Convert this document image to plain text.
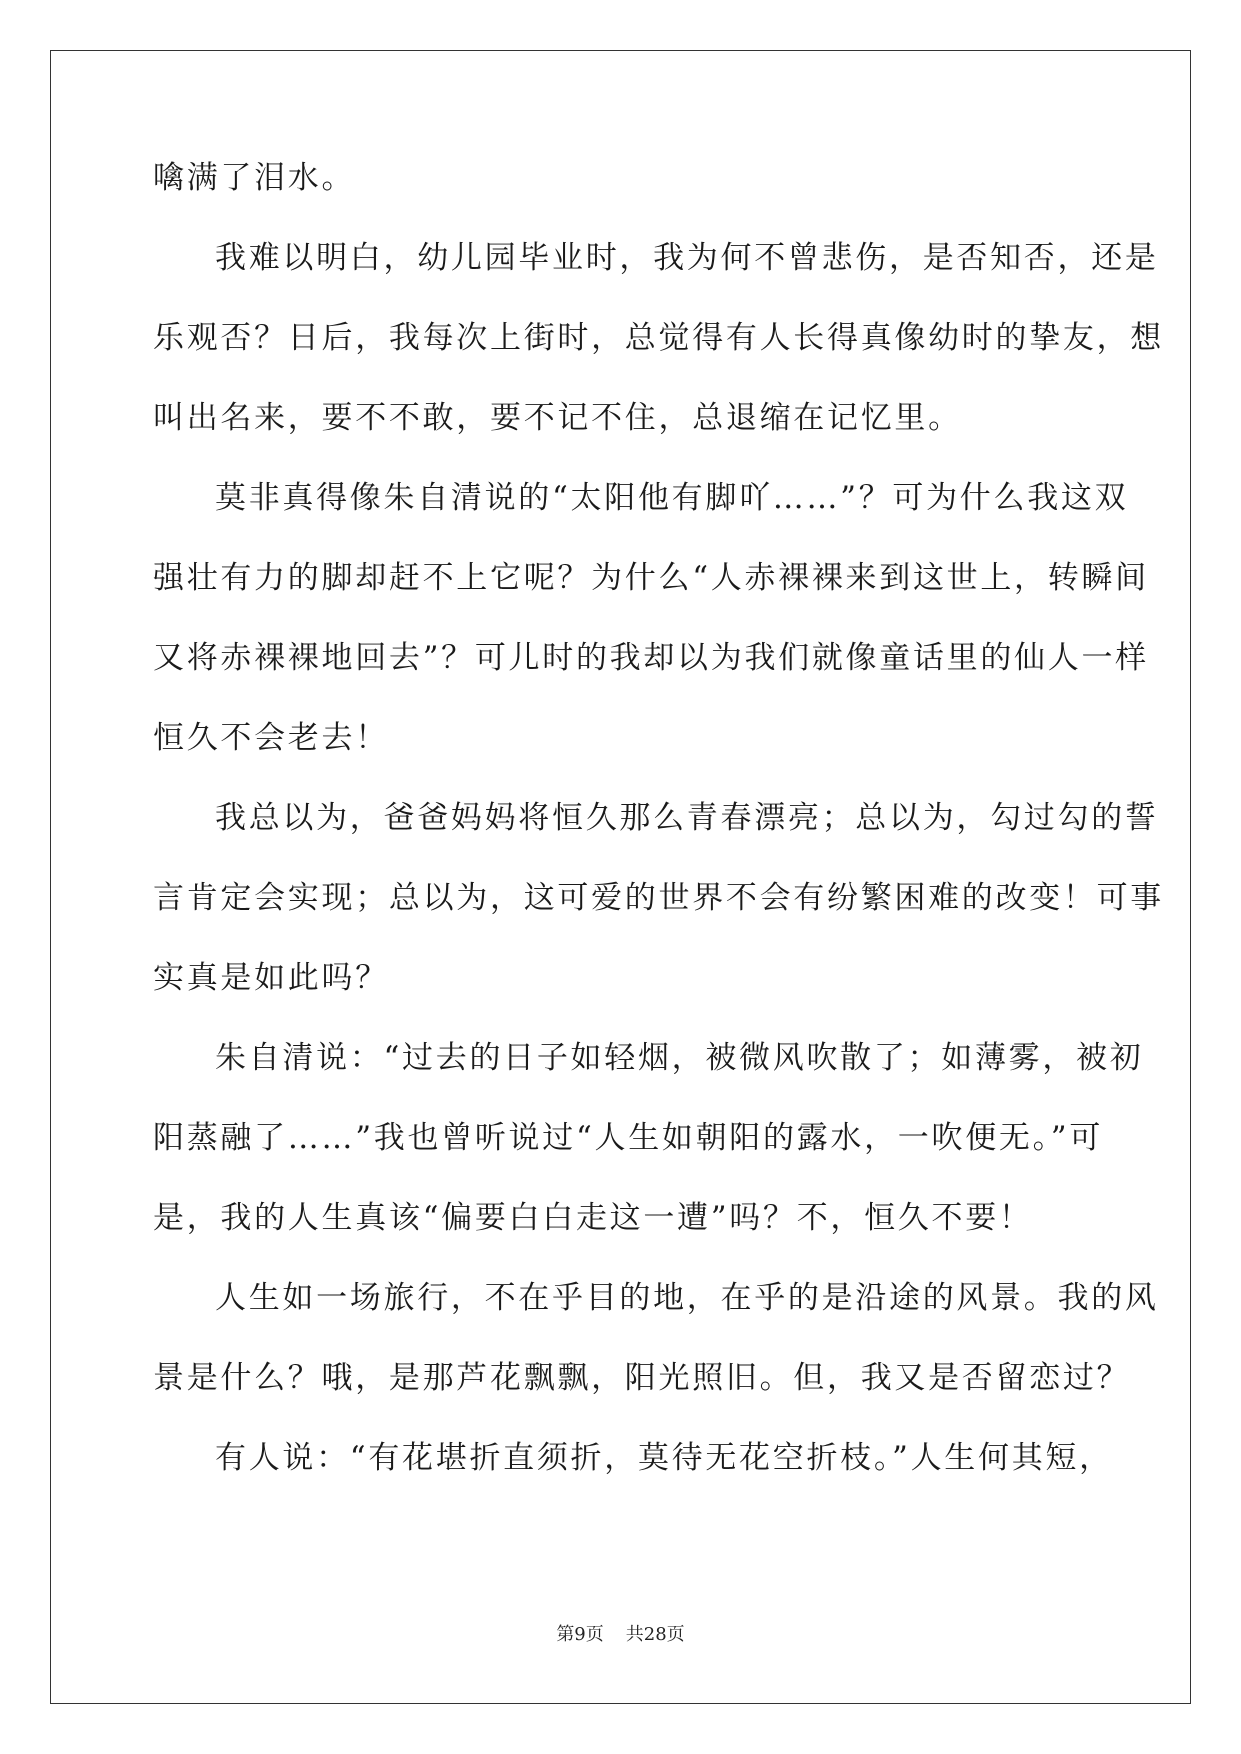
噙满了泪水。
我难以明白，幼儿园毕业时，我为何不曾悲伤，是否知否，还是
乐观否？日后，我每次上街时，总觉得有人长得真像幼时的挚友，想
叫出名来，要不不敢，要不记不住，总退缩在记忆里。
莫非真得像朱自清说的“太阳他有脚吖……”？可为什么我这双
强壮有力的脚却赶不上它呢？为什么“人赤裸裸来到这世上，转瞬间
又将赤裸裸地回去”？可儿时的我却以为我们就像童话里的仙人一样
恒久不会老去！
我总以为，爸爸妈妈将恒久那么青春漂亮；总以为，勾过勾的誓
言肯定会实现；总以为，这可爱的世界不会有纷繁困难的改变！可事
实真是如此吗？
朱自清说：“过去的日子如轻烟，被微风吹散了；如薄雾，被初
阳蒸融了……”我也曾听说过“人生如朝阳的露水，一吹便无。”可
是，我的人生真该“偏要白白走这一遭”吗？不，恒久不要！
人生如一场旅行，不在乎目的地，在乎的是沿途的风景。我的风
景是什么？哦，是那芦花飘飘，阳光照旧。但，我又是否留恋过？
有人说：“有花堪折直须折，莫待无花空折枝。”人生何其短，
第9页 共28页
